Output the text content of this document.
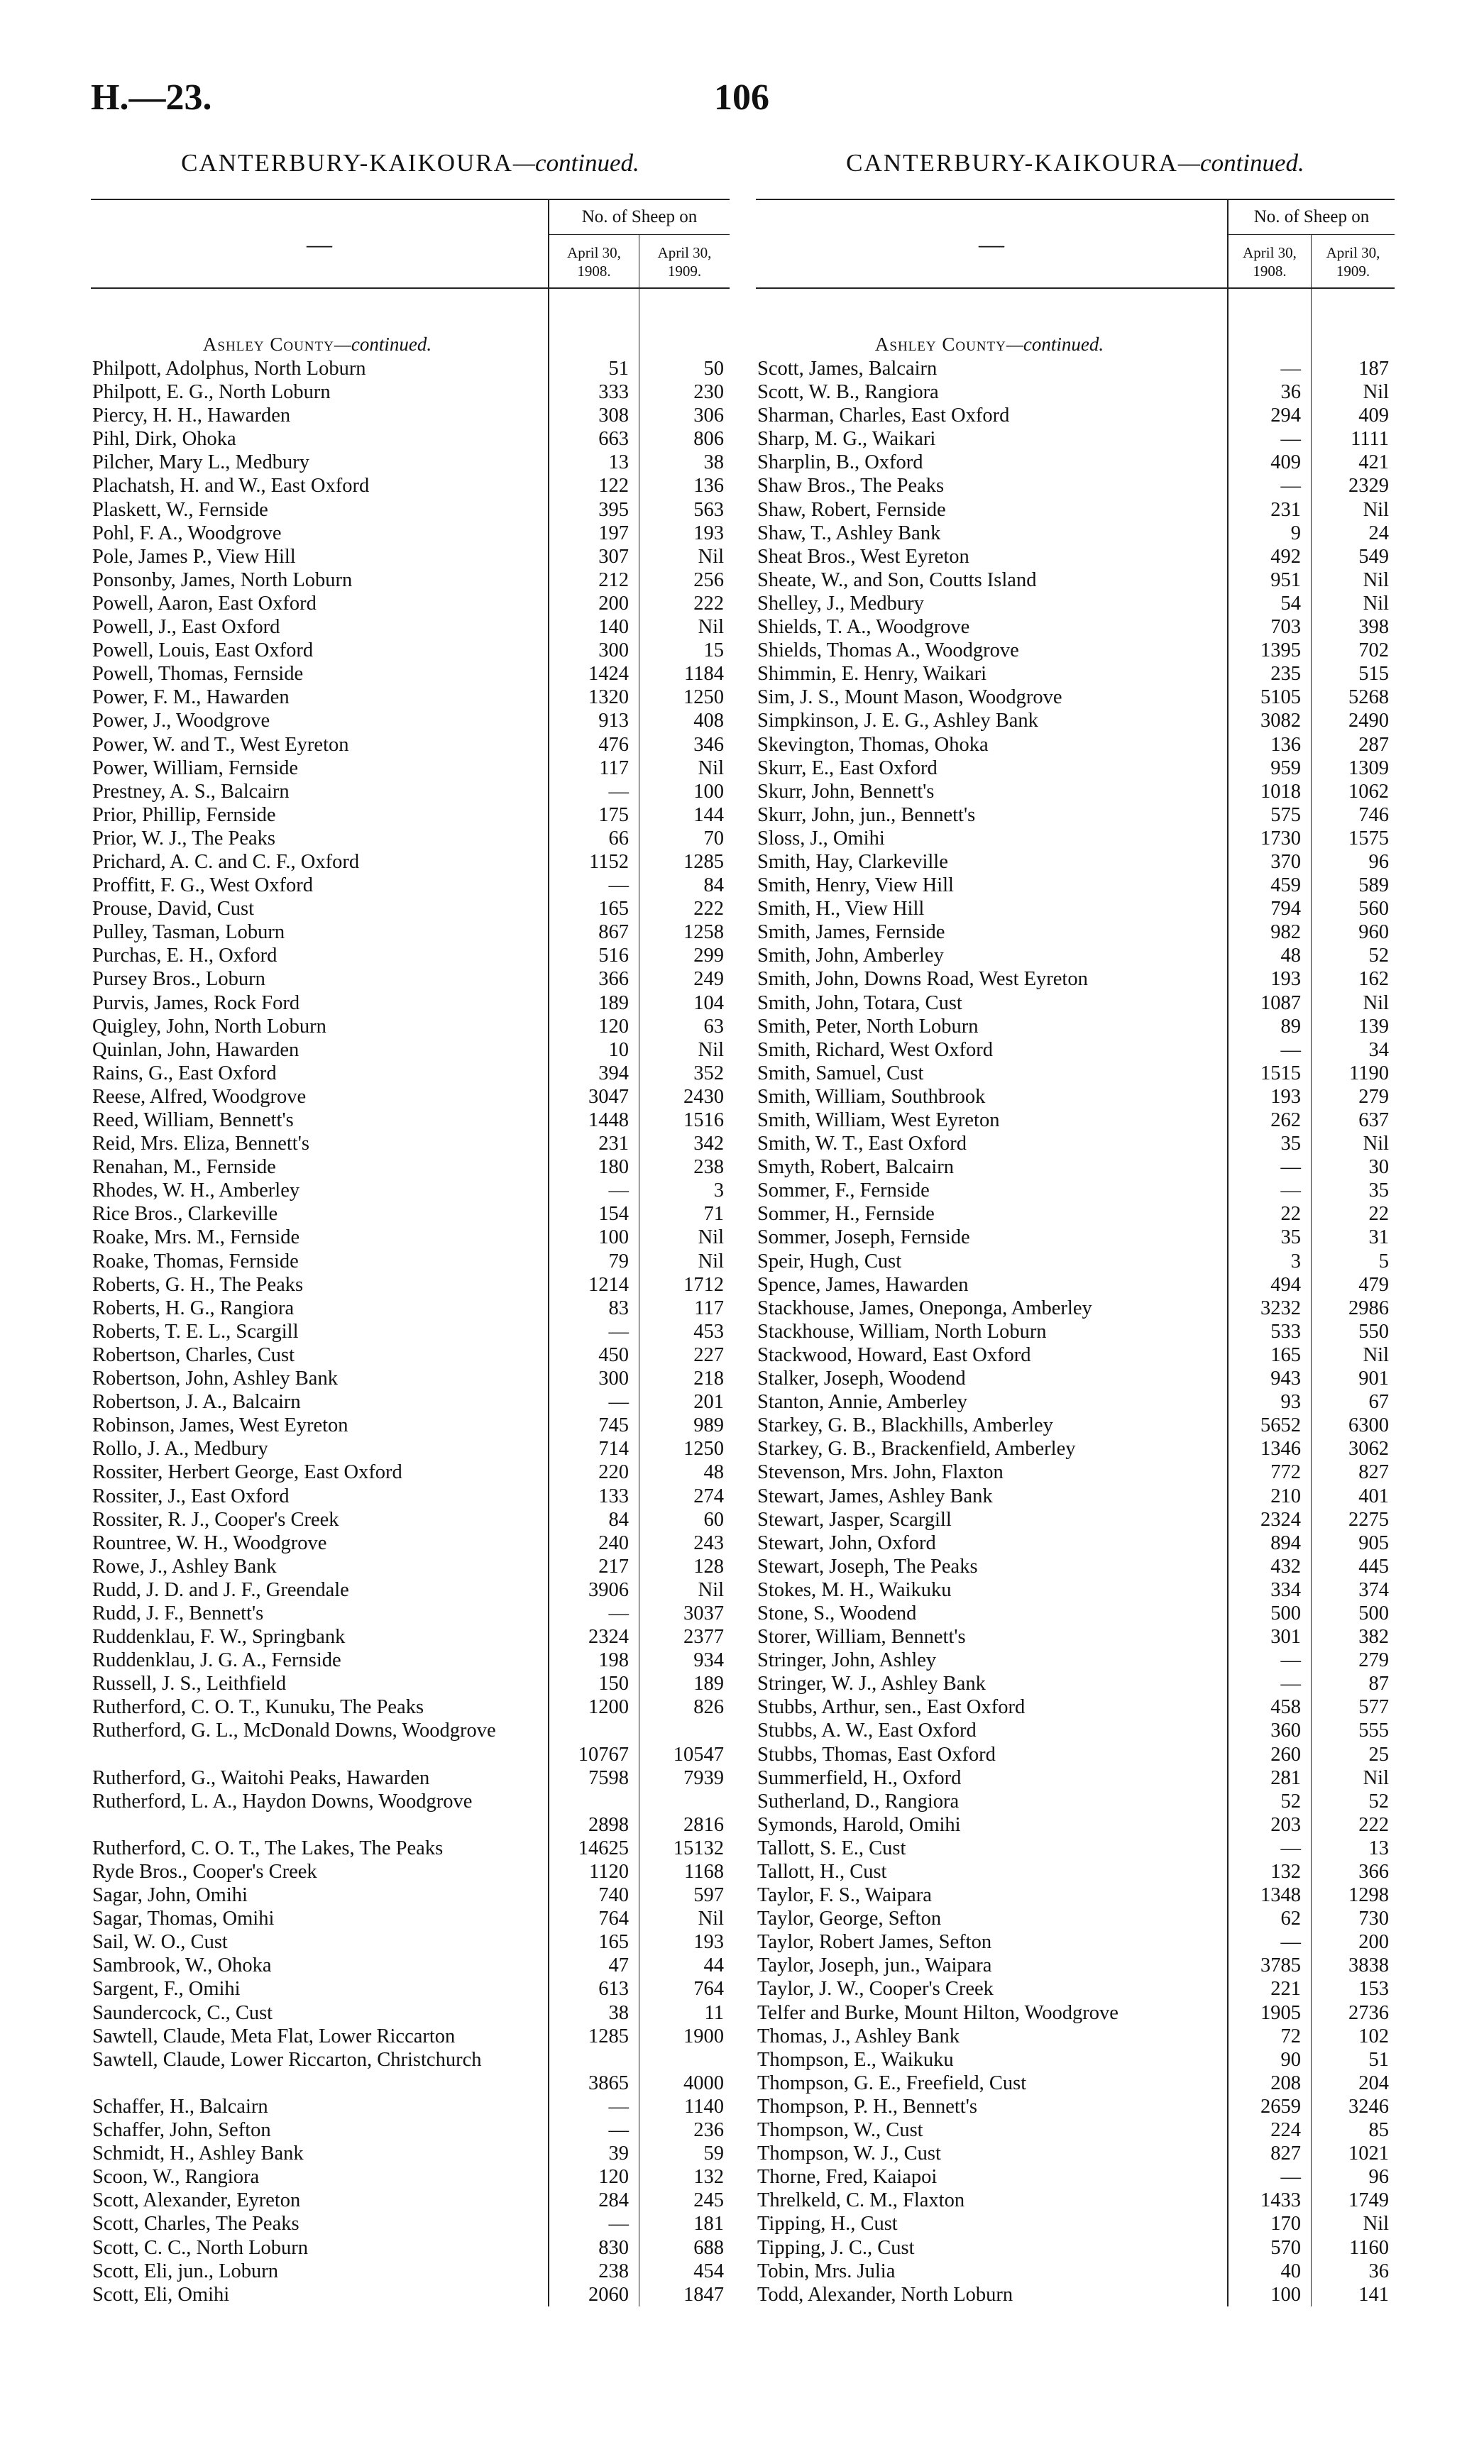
H.—23.	106
CANTERBURY-KAIKOURA—continued.
—
No. of Sheep on
April 30, 1908.
April 30, 1909.
Ashley County—continued.
Philpott, Adolphus, North Loburn	51	50
Philpott, E. G., North Loburn	333	230
Piercy, H. H., Hawarden	308	306
Pihl, Dirk, Ohoka	663	806
Pilcher, Mary L., Medbury	13	38
Plachatsh, H. and W., East Oxford	122	136
Plaskett, W., Fernside	395	563
Pohl, F. A., Woodgrove	197	193
Pole, James P., View Hill	307	Nil
Ponsonby, James, North Loburn	212	256
Powell, Aaron, East Oxford	200	222
Powell, J., East Oxford	140	Nil
Powell, Louis, East Oxford	300	15
Powell, Thomas, Fernside	1424	1184
Power, F. M., Hawarden	1320	1250
Power, J., Woodgrove	913	408
Power, W. and T., West Eyreton	476	346
Power, William, Fernside	117	Nil
Prestney, A. S., Balcairn	—	100
Prior, Phillip, Fernside	175	144
Prior, W. J., The Peaks	66	70
Prichard, A. C. and C. F., Oxford	1152	1285
Proffitt, F. G., West Oxford	—	84
Prouse, David, Cust	165	222
Pulley, Tasman, Loburn	867	1258
Purchas, E. H., Oxford	516	299
Pursey Bros., Loburn	366	249
Purvis, James, Rock Ford	189	104
Quigley, John, North Loburn	120	63
Quinlan, John, Hawarden	10	Nil
Rains, G., East Oxford	394	352
Reese, Alfred, Woodgrove	3047	2430
Reed, William, Bennett's	1448	1516
Reid, Mrs. Eliza, Bennett's	231	342
Renahan, M., Fernside	180	238
Rhodes, W. H., Amberley	—	3
Rice Bros., Clarkeville	154	71
Roake, Mrs. M., Fernside	100	Nil
Roake, Thomas, Fernside	79	Nil
Roberts, G. H., The Peaks	1214	1712
Roberts, H. G., Rangiora	83	117
Roberts, T. E. L., Scargill	—	453
Robertson, Charles, Cust	450	227
Robertson, John, Ashley Bank	300	218
Robertson, J. A., Balcairn	—	201
Robinson, James, West Eyreton	745	989
Rollo, J. A., Medbury	714	1250
Rossiter, Herbert George, East Oxford	220	48
Rossiter, J., East Oxford	133	274
Rossiter, R. J., Cooper's Creek	84	60
Rountree, W. H., Woodgrove	240	243
Rowe, J., Ashley Bank	217	128
Rudd, J. D. and J. F., Greendale	3906	Nil
Rudd, J. F., Bennett's	—	3037
Ruddenklau, F. W., Springbank	2324	2377
Ruddenklau, J. G. A., Fernside	198	934
Russell, J. S., Leithfield	150	189
Rutherford, C. O. T., Kunuku, The Peaks	1200	826
Rutherford, G. L., McDonald Downs, Woodgrove
10767	10547
Rutherford, G., Waitohi Peaks, Hawarden	7598	7939
Rutherford, L. A., Haydon Downs, Woodgrove
2898	2816
Rutherford, C. O. T., The Lakes, The Peaks	14625	15132
Ryde Bros., Cooper's Creek	1120	1168
Sagar, John, Omihi	740	597
Sagar, Thomas, Omihi	764	Nil
Sail, W. O., Cust	165	193
Sambrook, W., Ohoka	47	44
Sargent, F., Omihi	613	764
Saundercock, C., Cust	38	11
Sawtell, Claude, Meta Flat, Lower Riccarton	1285	1900
Sawtell, Claude, Lower Riccarton, Christchurch
3865	4000
Schaffer, H., Balcairn	—	1140
Schaffer, John, Sefton	—	236
Schmidt, H., Ashley Bank	39	59
Scoon, W., Rangiora	120	132
Scott, Alexander, Eyreton	284	245
Scott, Charles, The Peaks	—	181
Scott, C. C., North Loburn	830	688
Scott, Eli, jun., Loburn	238	454
Scott, Eli, Omihi	2060	1847
CANTERBURY-KAIKOURA—continued.
—
No. of Sheep on
April 30, 1908.
April 30, 1909.
Ashley County—continued.
Scott, James, Balcairn	—	187
Scott, W. B., Rangiora	36	Nil
Sharman, Charles, East Oxford	294	409
Sharp, M. G., Waikari	—	1111
Sharplin, B., Oxford	409	421
Shaw Bros., The Peaks	—	2329
Shaw, Robert, Fernside	231	Nil
Shaw, T., Ashley Bank	9	24
Sheat Bros., West Eyreton	492	549
Sheate, W., and Son, Coutts Island	951	Nil
Shelley, J., Medbury	54	Nil
Shields, T. A., Woodgrove	703	398
Shields, Thomas A., Woodgrove	1395	702
Shimmin, E. Henry, Waikari	235	515
Sim, J. S., Mount Mason, Woodgrove	5105	5268
Simpkinson, J. E. G., Ashley Bank	3082	2490
Skevington, Thomas, Ohoka	136	287
Skurr, E., East Oxford	959	1309
Skurr, John, Bennett's	1018	1062
Skurr, John, jun., Bennett's	575	746
Sloss, J., Omihi	1730	1575
Smith, Hay, Clarkeville	370	96
Smith, Henry, View Hill	459	589
Smith, H., View Hill	794	560
Smith, James, Fernside	982	960
Smith, John, Amberley	48	52
Smith, John, Downs Road, West Eyreton	193	162
Smith, John, Totara, Cust	1087	Nil
Smith, Peter, North Loburn	89	139
Smith, Richard, West Oxford	—	34
Smith, Samuel, Cust	1515	1190
Smith, William, Southbrook	193	279
Smith, William, West Eyreton	262	637
Smith, W. T., East Oxford	35	Nil
Smyth, Robert, Balcairn	—	30
Sommer, F., Fernside	—	35
Sommer, H., Fernside	22	22
Sommer, Joseph, Fernside	35	31
Speir, Hugh, Cust	3	5
Spence, James, Hawarden	494	479
Stackhouse, James, Oneponga, Amberley	3232	2986
Stackhouse, William, North Loburn	533	550
Stackwood, Howard, East Oxford	165	Nil
Stalker, Joseph, Woodend	943	901
Stanton, Annie, Amberley	93	67
Starkey, G. B., Blackhills, Amberley	5652	6300
Starkey, G. B., Brackenfield, Amberley	1346	3062
Stevenson, Mrs. John, Flaxton	772	827
Stewart, James, Ashley Bank	210	401
Stewart, Jasper, Scargill	2324	2275
Stewart, John, Oxford	894	905
Stewart, Joseph, The Peaks	432	445
Stokes, M. H., Waikuku	334	374
Stone, S., Woodend	500	500
Storer, William, Bennett's	301	382
Stringer, John, Ashley	—	279
Stringer, W. J., Ashley Bank	—	87
Stubbs, Arthur, sen., East Oxford	458	577
Stubbs, A. W., East Oxford	360	555
Stubbs, Thomas, East Oxford	260	25
Summerfield, H., Oxford	281	Nil
Sutherland, D., Rangiora	52	52
Symonds, Harold, Omihi	203	222
Tallott, S. E., Cust	—	13
Tallott, H., Cust	132	366
Taylor, F. S., Waipara	1348	1298
Taylor, George, Sefton	62	730
Taylor, Robert James, Sefton	—	200
Taylor, Joseph, jun., Waipara	3785	3838
Taylor, J. W., Cooper's Creek	221	153
Telfer and Burke, Mount Hilton, Woodgrove	1905	2736
Thomas, J., Ashley Bank	72	102
Thompson, E., Waikuku	90	51
Thompson, G. E., Freefield, Cust	208	204
Thompson, P. H., Bennett's	2659	3246
Thompson, W., Cust	224	85
Thompson, W. J., Cust	827	1021
Thorne, Fred, Kaiapoi	—	96
Threlkeld, C. M., Flaxton	1433	1749
Tipping, H., Cust	170	Nil
Tipping, J. C., Cust	570	1160
Tobin, Mrs. Julia	40	36
Todd, Alexander, North Loburn	100	141
